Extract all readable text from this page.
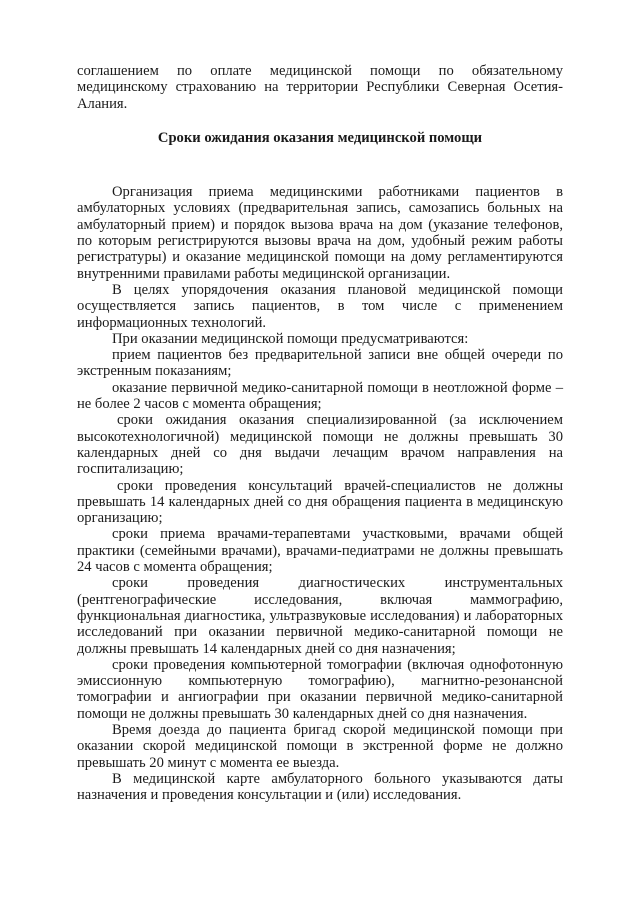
соглашением по оплате медицинской помощи по обязательному медицинскому страхованию на территории Республики Северная Осетия-Алания.

Сроки ожидания оказания медицинской помощи

Организация приема медицинскими работниками пациентов в амбулаторных условиях (предварительная запись, самозапись больных на амбулаторный прием) и порядок вызова врача на дом (указание телефонов, по которым регистрируются вызовы врача на дом, удобный режим работы регистратуры) и оказание медицинской помощи на дому регламентируются внутренними правилами работы медицинской организации.

В целях упорядочения оказания плановой медицинской помощи осуществляется запись пациентов, в том числе с применением информационных технологий.

При оказании медицинской помощи предусматриваются:

прием пациентов без предварительной записи вне общей очереди по экстренным показаниям;

оказание первичной медико-санитарной помощи в неотложной форме – не более 2 часов с момента обращения;

сроки ожидания оказания специализированной (за исключением высокотехнологичной) медицинской помощи не должны превышать 30 календарных дней со дня выдачи лечащим врачом направления на госпитализацию;

сроки проведения консультаций врачей-специалистов не должны превышать 14 календарных дней со дня обращения пациента в медицинскую организацию;

сроки приема врачами-терапевтами участковыми, врачами общей практики (семейными врачами), врачами-педиатрами не должны превышать 24 часов с момента обращения;

сроки проведения диагностических инструментальных (рентгенографические исследования, включая маммографию, функциональная диагностика, ультразвуковые исследования) и лабораторных исследований при оказании первичной медико-санитарной помощи не должны превышать 14 календарных дней со дня назначения;

сроки проведения компьютерной томографии (включая однофотонную эмиссионную компьютерную томографию), магнитно-резонансной томографии и ангиографии при оказании первичной медико-санитарной помощи не должны превышать 30 календарных дней со дня назначения.

Время доезда до пациента бригад скорой медицинской помощи при оказании скорой медицинской помощи в экстренной форме не должно превышать 20 минут с момента ее выезда.

В медицинской карте амбулаторного больного указываются даты назначения и проведения консультации и (или) исследования.
